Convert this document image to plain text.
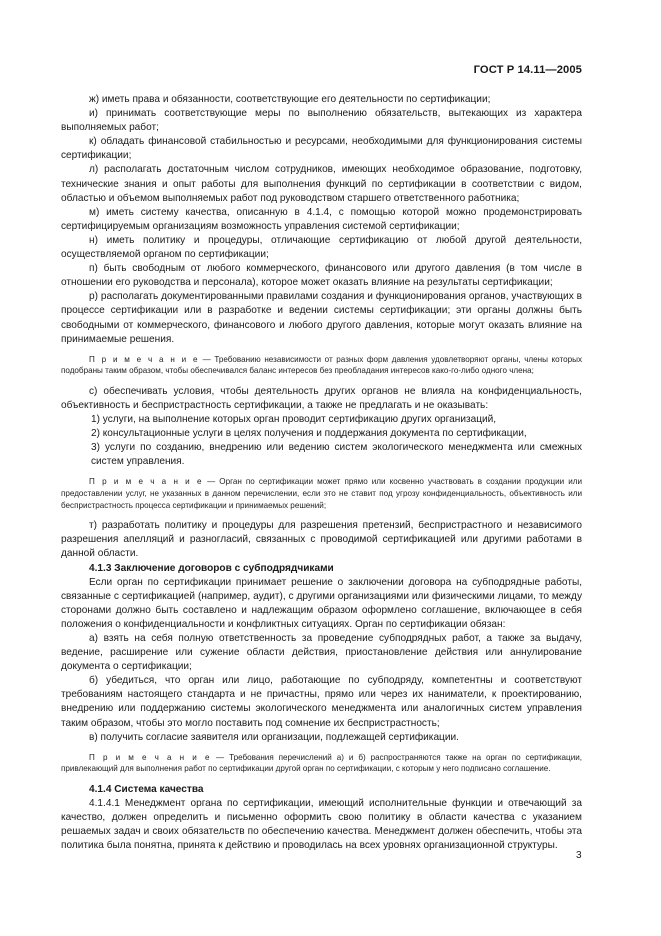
ГОСТ Р 14.11—2005

ж) иметь права и обязанности, соответствующие его деятельности по сертификации;

и) принимать соответствующие меры по выполнению обязательств, вытекающих из характера выполняемых работ;

к) обладать финансовой стабильностью и ресурсами, необходимыми для функционирования системы сертификации;

л) располагать достаточным числом сотрудников, имеющих необходимое образование, подготовку, технические знания и опыт работы для выполнения функций по сертификации в соответствии с видом, областью и объемом выполняемых работ под руководством старшего ответственного работника;

м) иметь систему качества, описанную в 4.1.4, с помощью которой можно продемонстрировать сертифицируемым организациям возможность управления системой сертификации;

н) иметь политику и процедуры, отличающие сертификацию от любой другой деятельности, осуществляемой органом по сертификации;

п) быть свободным от любого коммерческого, финансового или другого давления (в том числе в отношении его руководства и персонала), которое может оказать влияние на результаты сертификации;

р) располагать документированными правилами создания и функционирования органов, участвующих в процессе сертификации или в разработке и ведении системы сертификации; эти органы должны быть свободными от коммерческого, финансового и любого другого давления, которые могут оказать влияние на принимаемые решения.

П р и м е ч а н и е — Требованию независимости от разных форм давления удовлетворяют органы, члены которых подобраны таким образом, чтобы обеспечивался баланс интересов без преобладания интересов како-го-либо одного члена;

с) обеспечивать условия, чтобы деятельность других органов не влияла на конфиденциальность, объективность и беспристрастность сертификации, а также не предлагать и не оказывать:

1) услуги, на выполнение которых орган проводит сертификацию других организаций,

2) консультационные услуги в целях получения и поддержания документа по сертификации,

3) услуги по созданию, внедрению или ведению систем экологического менеджмента или смежных систем управления.

П р и м е ч а н и е — Орган по сертификации может прямо или косвенно участвовать в создании продукции или предоставлении услуг, не указанных в данном перечислении, если это не ставит под угрозу конфиденциальность, объективность или беспристрастность процесса сертификации и принимаемых решений;

т) разработать политику и процедуры для разрешения претензий, беспристрастного и независимого разрешения апелляций и разногласий, связанных с проводимой сертификацией или другими работами в данной области.

4.1.3 Заключение договоров с субподрядчиками

Если орган по сертификации принимает решение о заключении договора на субподрядные работы, связанные с сертификацией (например, аудит), с другими организациями или физическими лицами, то между сторонами должно быть составлено и надлежащим образом оформлено соглашение, включающее в себя положения о конфиденциальности и конфликтных ситуациях. Орган по сертификации обязан:

а) взять на себя полную ответственность за проведение субподрядных работ, а также за выдачу, ведение, расширение или сужение области действия, приостановление действия или аннулирование документа о сертификации;

б) убедиться, что орган или лицо, работающие по субподряду, компетентны и соответствуют требованиям настоящего стандарта и не причастны, прямо или через их наниматели, к проектированию, внедрению или поддержанию системы экологического менеджмента или аналогичных систем управления таким образом, чтобы это могло поставить под сомнение их беспристрастность;

в) получить согласие заявителя или организации, подлежащей сертификации.

П р и м е ч а н и е — Требования перечислений а) и б) распространяются также на орган по сертификации, привлекающий для выполнения работ по сертификации другой орган по сертификации, с которым у него подписано соглашение.

4.1.4 Система качества

4.1.4.1 Менеджмент органа по сертификации, имеющий исполнительные функции и отвечающий за качество, должен определить и письменно оформить свою политику в области качества с указанием решаемых задач и своих обязательств по обеспечению качества. Менеджмент должен обеспечить, чтобы эта политика была понятна, принята к действию и проводилась на всех уровнях организационной структуры.

3
